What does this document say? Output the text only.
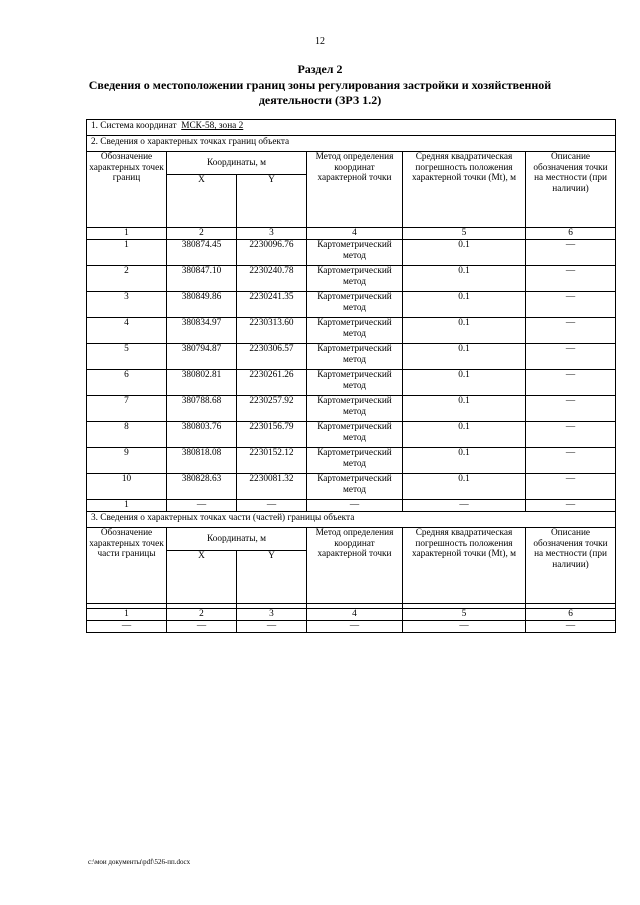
12
Раздел 2
Сведения о местоположении границ зоны регулирования застройки и хозяйственной деятельности (ЗРЗ 1.2)
1. Система координат МСК-58, зона 2					
2. Сведения о характерных точках границ объекта					
Обозначение характерных точек границ	Координаты, м		Метод определения координат характерной точки	Средняя квадратическая погрешность положения характерной точки (Мt), м	Описание обозначения точки на местности (при наличии)
	X	Y			
1	2	3	4	5	6
1	380874.45	2230096.76	Картометрический метод	0.1	—
2	380847.10	2230240.78	Картометрический метод	0.1	—
3	380849.86	2230241.35	Картометрический метод	0.1	—
4	380834.97	2230313.60	Картометрический метод	0.1	—
5	380794.87	2230306.57	Картометрический метод	0.1	—
6	380802.81	2230261.26	Картометрический метод	0.1	—
7	380788.68	2230257.92	Картометрический метод	0.1	—
8	380803.76	2230156.79	Картометрический метод	0.1	—
9	380818.08	2230152.12	Картометрический метод	0.1	—
10	380828.63	2230081.32	Картометрический метод	0.1	—
1	—	—	—	—	—
3. Сведения о характерных точках части (частей) границы объекта					
Обозначение характерных точек части границы	Координаты, м		Метод определения координат характерной точки	Средняя квадратическая погрешность положения характерной точки (Мt), м	Описание обозначения точки на местности (при наличии)
	X	Y			

1	2	3	4	5	6
—	—	—	—	—	—
c:\мои документы\pdf\526-пп.docx
